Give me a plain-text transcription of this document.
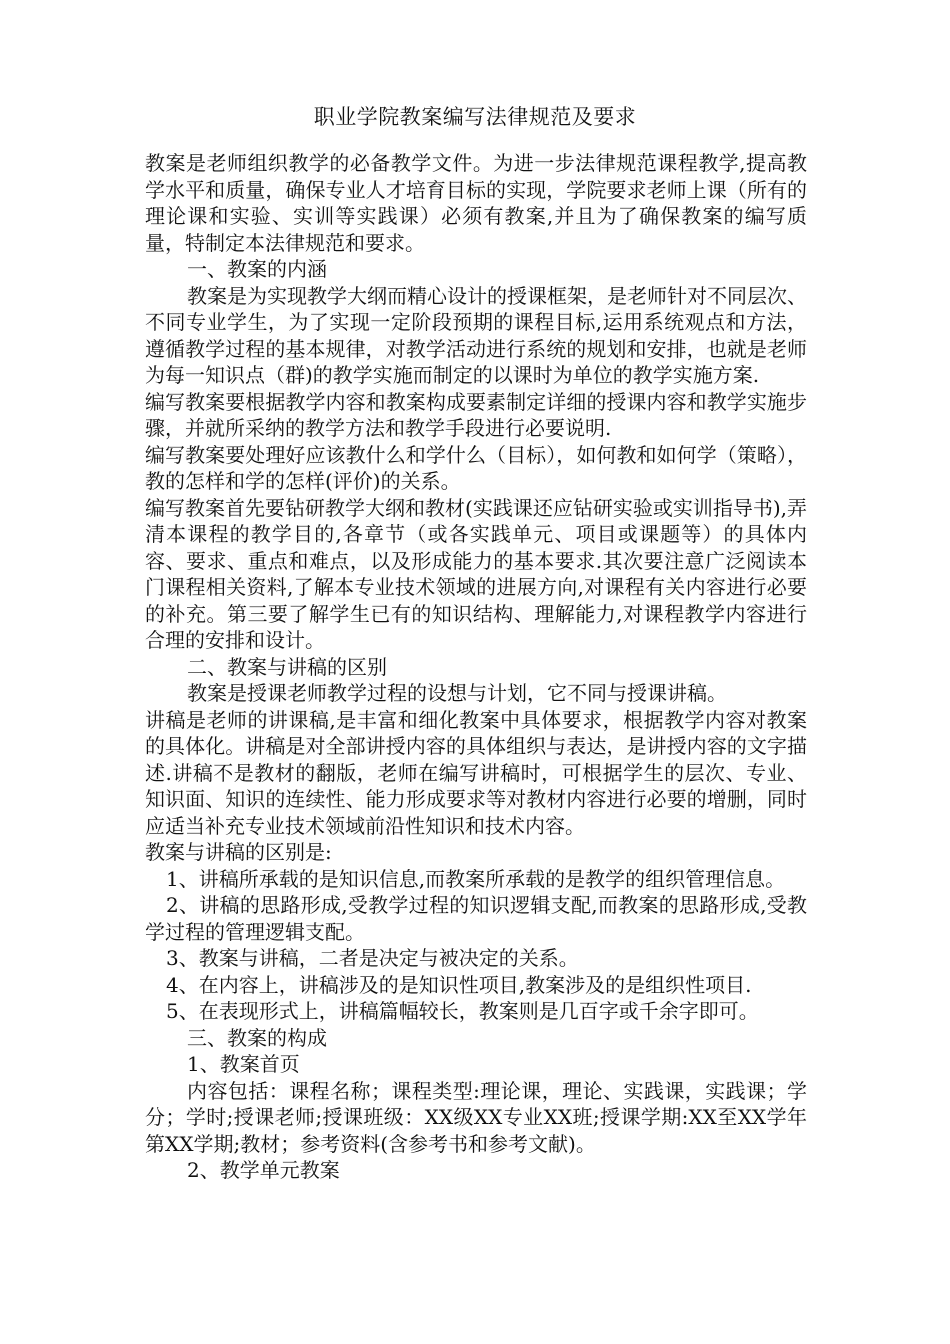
职业学院教案编写法律规范及要求

教案是老师组织教学的必备教学文件。为进一步法律规范课程教学,提高教学水平和质量，确保专业人才培育目标的实现，学院要求老师上课（所有的理论课和实验、实训等实践课）必须有教案,并且为了确保教案的编写质量，特制定本法律规范和要求。

一、教案的内涵

教案是为实现教学大纲而精心设计的授课框架，是老师针对不同层次、不同专业学生，为了实现一定阶段预期的课程目标,运用系统观点和方法，遵循教学过程的基本规律，对教学活动进行系统的规划和安排，也就是老师为每一知识点（群)的教学实施而制定的以课时为单位的教学实施方案.

编写教案要根据教学内容和教案构成要素制定详细的授课内容和教学实施步骤，并就所采纳的教学方法和教学手段进行必要说明.

编写教案要处理好应该教什么和学什么（目标），如何教和如何学（策略），教的怎样和学的怎样(评价)的关系。

编写教案首先要钻研教学大纲和教材(实践课还应钻研实验或实训指导书),弄清本课程的教学目的,各章节（或各实践单元、项目或课题等）的具体内容、要求、重点和难点，以及形成能力的基本要求.其次要注意广泛阅读本门课程相关资料,了解本专业技术领域的进展方向,对课程有关内容进行必要的补充。第三要了解学生已有的知识结构、理解能力,对课程教学内容进行合理的安排和设计。

二、教案与讲稿的区别

教案是授课老师教学过程的设想与计划，它不同与授课讲稿。

讲稿是老师的讲课稿,是丰富和细化教案中具体要求，根据教学内容对教案的具体化。讲稿是对全部讲授内容的具体组织与表达，是讲授内容的文字描述.讲稿不是教材的翻版，老师在编写讲稿时，可根据学生的层次、专业、知识面、知识的连续性、能力形成要求等对教材内容进行必要的增删，同时应适当补充专业技术领域前沿性知识和技术内容。

教案与讲稿的区别是:

1、讲稿所承载的是知识信息,而教案所承载的是教学的组织管理信息。

2、讲稿的思路形成,受教学过程的知识逻辑支配,而教案的思路形成,受教学过程的管理逻辑支配。

3、教案与讲稿，二者是决定与被决定的关系。

4、在内容上，讲稿涉及的是知识性项目,教案涉及的是组织性项目.

5、在表现形式上，讲稿篇幅较长，教案则是几百字或千余字即可。

三、教案的构成

1、教案首页

内容包括：课程名称；课程类型:理论课，理论、实践课，实践课；学分；学时;授课老师;授课班级：XX级XX专业XX班;授课学期:XX至XX学年第XX学期;教材；参考资料(含参考书和参考文献)。

2、教学单元教案
